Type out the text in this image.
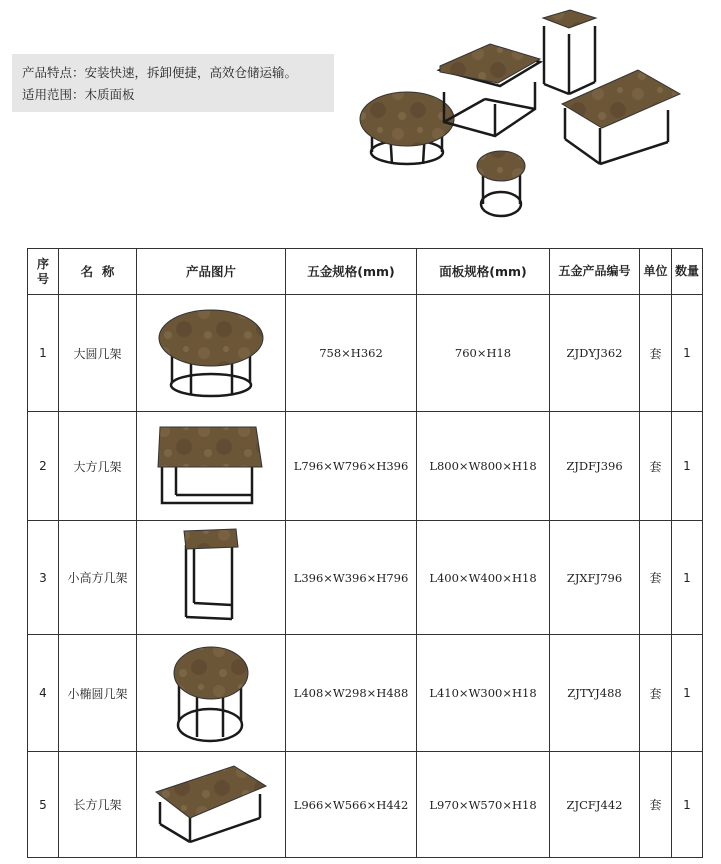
产品特点：安装快速，拆卸便捷，高效仓储运输。
适用范围：木质面板
序号	名  称	产品图片	五金规格(mm)	面板规格(mm)	五金产品编号	单位	数量
1	大圆几架		758×H362	760×H18	ZJDYJ362	套	1
2	大方几架		L796×W796×H396	L800×W800×H18	ZJDFJ396	套	1
3	小高方几架		L396×W396×H796	L400×W400×H18	ZJXFJ796	套	1
4	小椭圆几架		L408×W298×H488	L410×W300×H18	ZJTYJ488	套	1
5	长方几架		L966×W566×H442	L970×W570×H18	ZJCFJ442	套	1
